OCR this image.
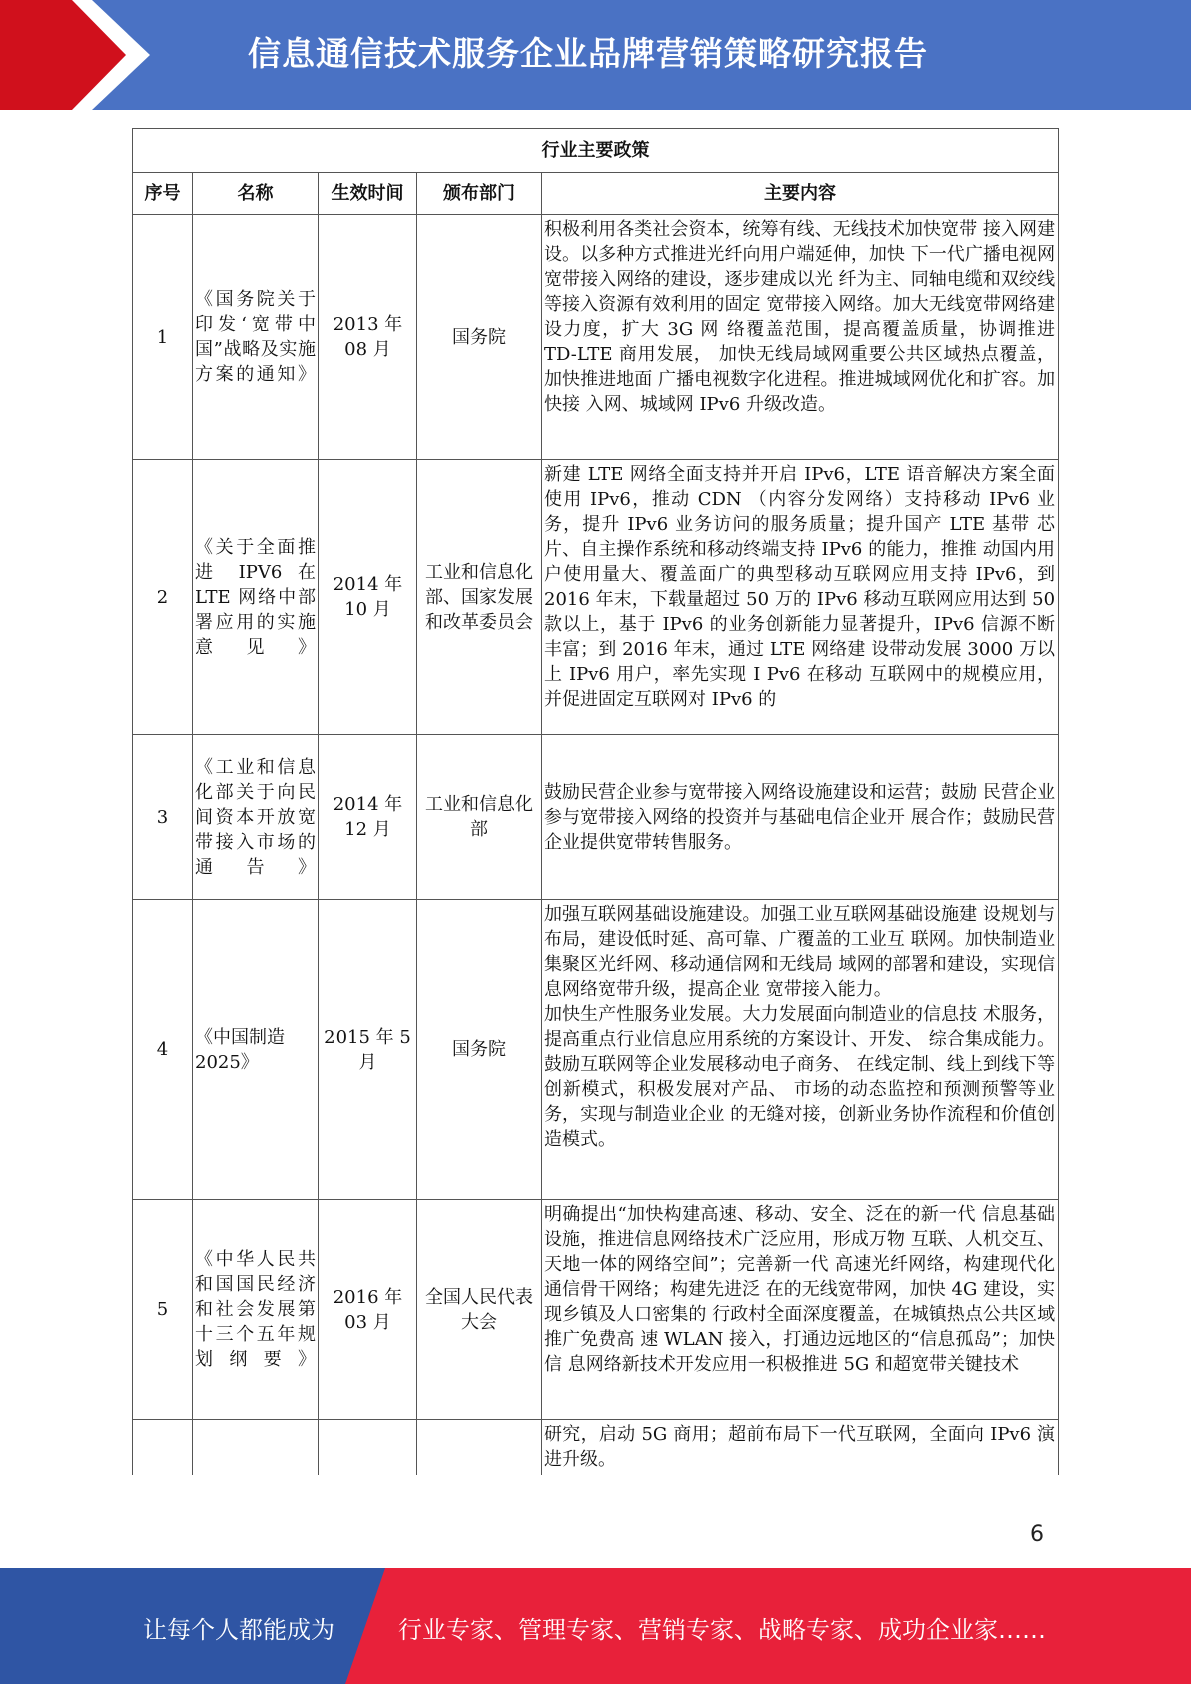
信息通信技术服务企业品牌营销策略研究报告
行业主要政策				
序号	名称	生效时间	颁布部门	主要内容
1	《国务院关于印发‘宽带中国”战略及实施方案的通知》	2013 年 08 月	国务院	积极利用各类社会资本，统筹有线、无线技术加快宽带 接入网建设。以多种方式推进光纤向用户端延伸，加快 下一代广播电视网宽带接入网络的建设，逐步建成以光 纤为主、同轴电缆和双绞线等接入资源有效利用的固定 宽带接入网络。加大无线宽带网络建设力度，扩大 3G 网 络覆盖范围，提高覆盖质量，协调推进 TD-LTE 商用发展， 加快无线局域网重要公共区域热点覆盖，加快推进地面 广播电视数字化进程。推进城域网优化和扩容。加快接 入网、城域网 IPv6 升级改造。

2	《关于全面推进 IPV6 在 LTE 网络中部署应用的实施意见》	2014 年 10 月	工业和信息化部、国家发展和改革委员会	新建 LTE 网络全面支持并开启 IPv6，LTE 语音解决方案全面使用 IPv6，推动 CDN （内容分发网络）支持移动 IPv6 业务，提升 IPv6 业务访问的服务质量；提升国产 LTE 基带 芯片、自主操作系统和移动终端支持 IPv6 的能力，推推 动国内用户使用量大、覆盖面广的典型移动互联网应用支持 IPv6，到 2016 年末，下载量超过 50 万的 IPv6 移动互联网应用达到 50 款以上，基于 IPv6 的业务创新能力显著提升，IPv6 信源不断丰富；到 2016 年末，通过 LTE 网络建 设带动发展 3000 万以上 IPv6 用户，率先实现 I Pv6 在移动 互联网中的规模应用，并促进固定互联网对 IPv6 的

3	《工业和信息化部关于向民间资本开放宽带接入市场的 通告》	2014 年 12 月	工业和信息化部	鼓励民营企业参与宽带接入网络设施建设和运营；鼓励 民营企业参与宽带接入网络的投资并与基础电信企业开 展合作；鼓励民营企业提供宽带转售服务。

4	《中国制造 2025》	2015 年 5 月	国务院	加强互联网基础设施建设。加强工业互联网基础设施建 设规划与布局，建设低时延、高可靠、广覆盖的工业互 联网。加快制造业集聚区光纤网、移动通信网和无线局 域网的部署和建设，实现信息网络宽带升级，提高企业 宽带接入能力。
加快生产性服务业发展。大力发展面向制造业的信息技 术服务，提高重点行业信息应用系统的方案设计、开发、 综合集成能力。鼓励互联网等企业发展移动电子商务、 在线定制、线上到线下等创新模式，积极发展对产品、 市场的动态监控和预测预警等业务，实现与制造业企业 的无缝对接，创新业务协作流程和价值创造模式。

5	《中华人民共和国国民经济和社会发展第十三个五年规划纲要》	2016 年 03 月	全国人民代表大会	明确提出“加快构建高速、移动、安全、泛在的新一代 信息基础设施，推进信息网络技术广泛应用，形成万物 互联、人机交互、天地一体的网络空间”；完善新一代 高速光纤网络，构建现代化通信骨干网络；构建先进泛 在的无线宽带网，加快 4G 建设，实现乡镇及人口密集的 行政村全面深度覆盖，在城镇热点公共区域推广免费高 速 WLAN 接入，打通边远地区的“信息孤岛”；加快信 息网络新技术开发应用一积极推进 5G 和超宽带关键技术

				研究，启动 5G 商用；超前布局下一代互联网，全面向 IPv6 演进升级。
6
让每个人都能成为	行业专家、管理专家、营销专家、战略专家、成功企业家……
